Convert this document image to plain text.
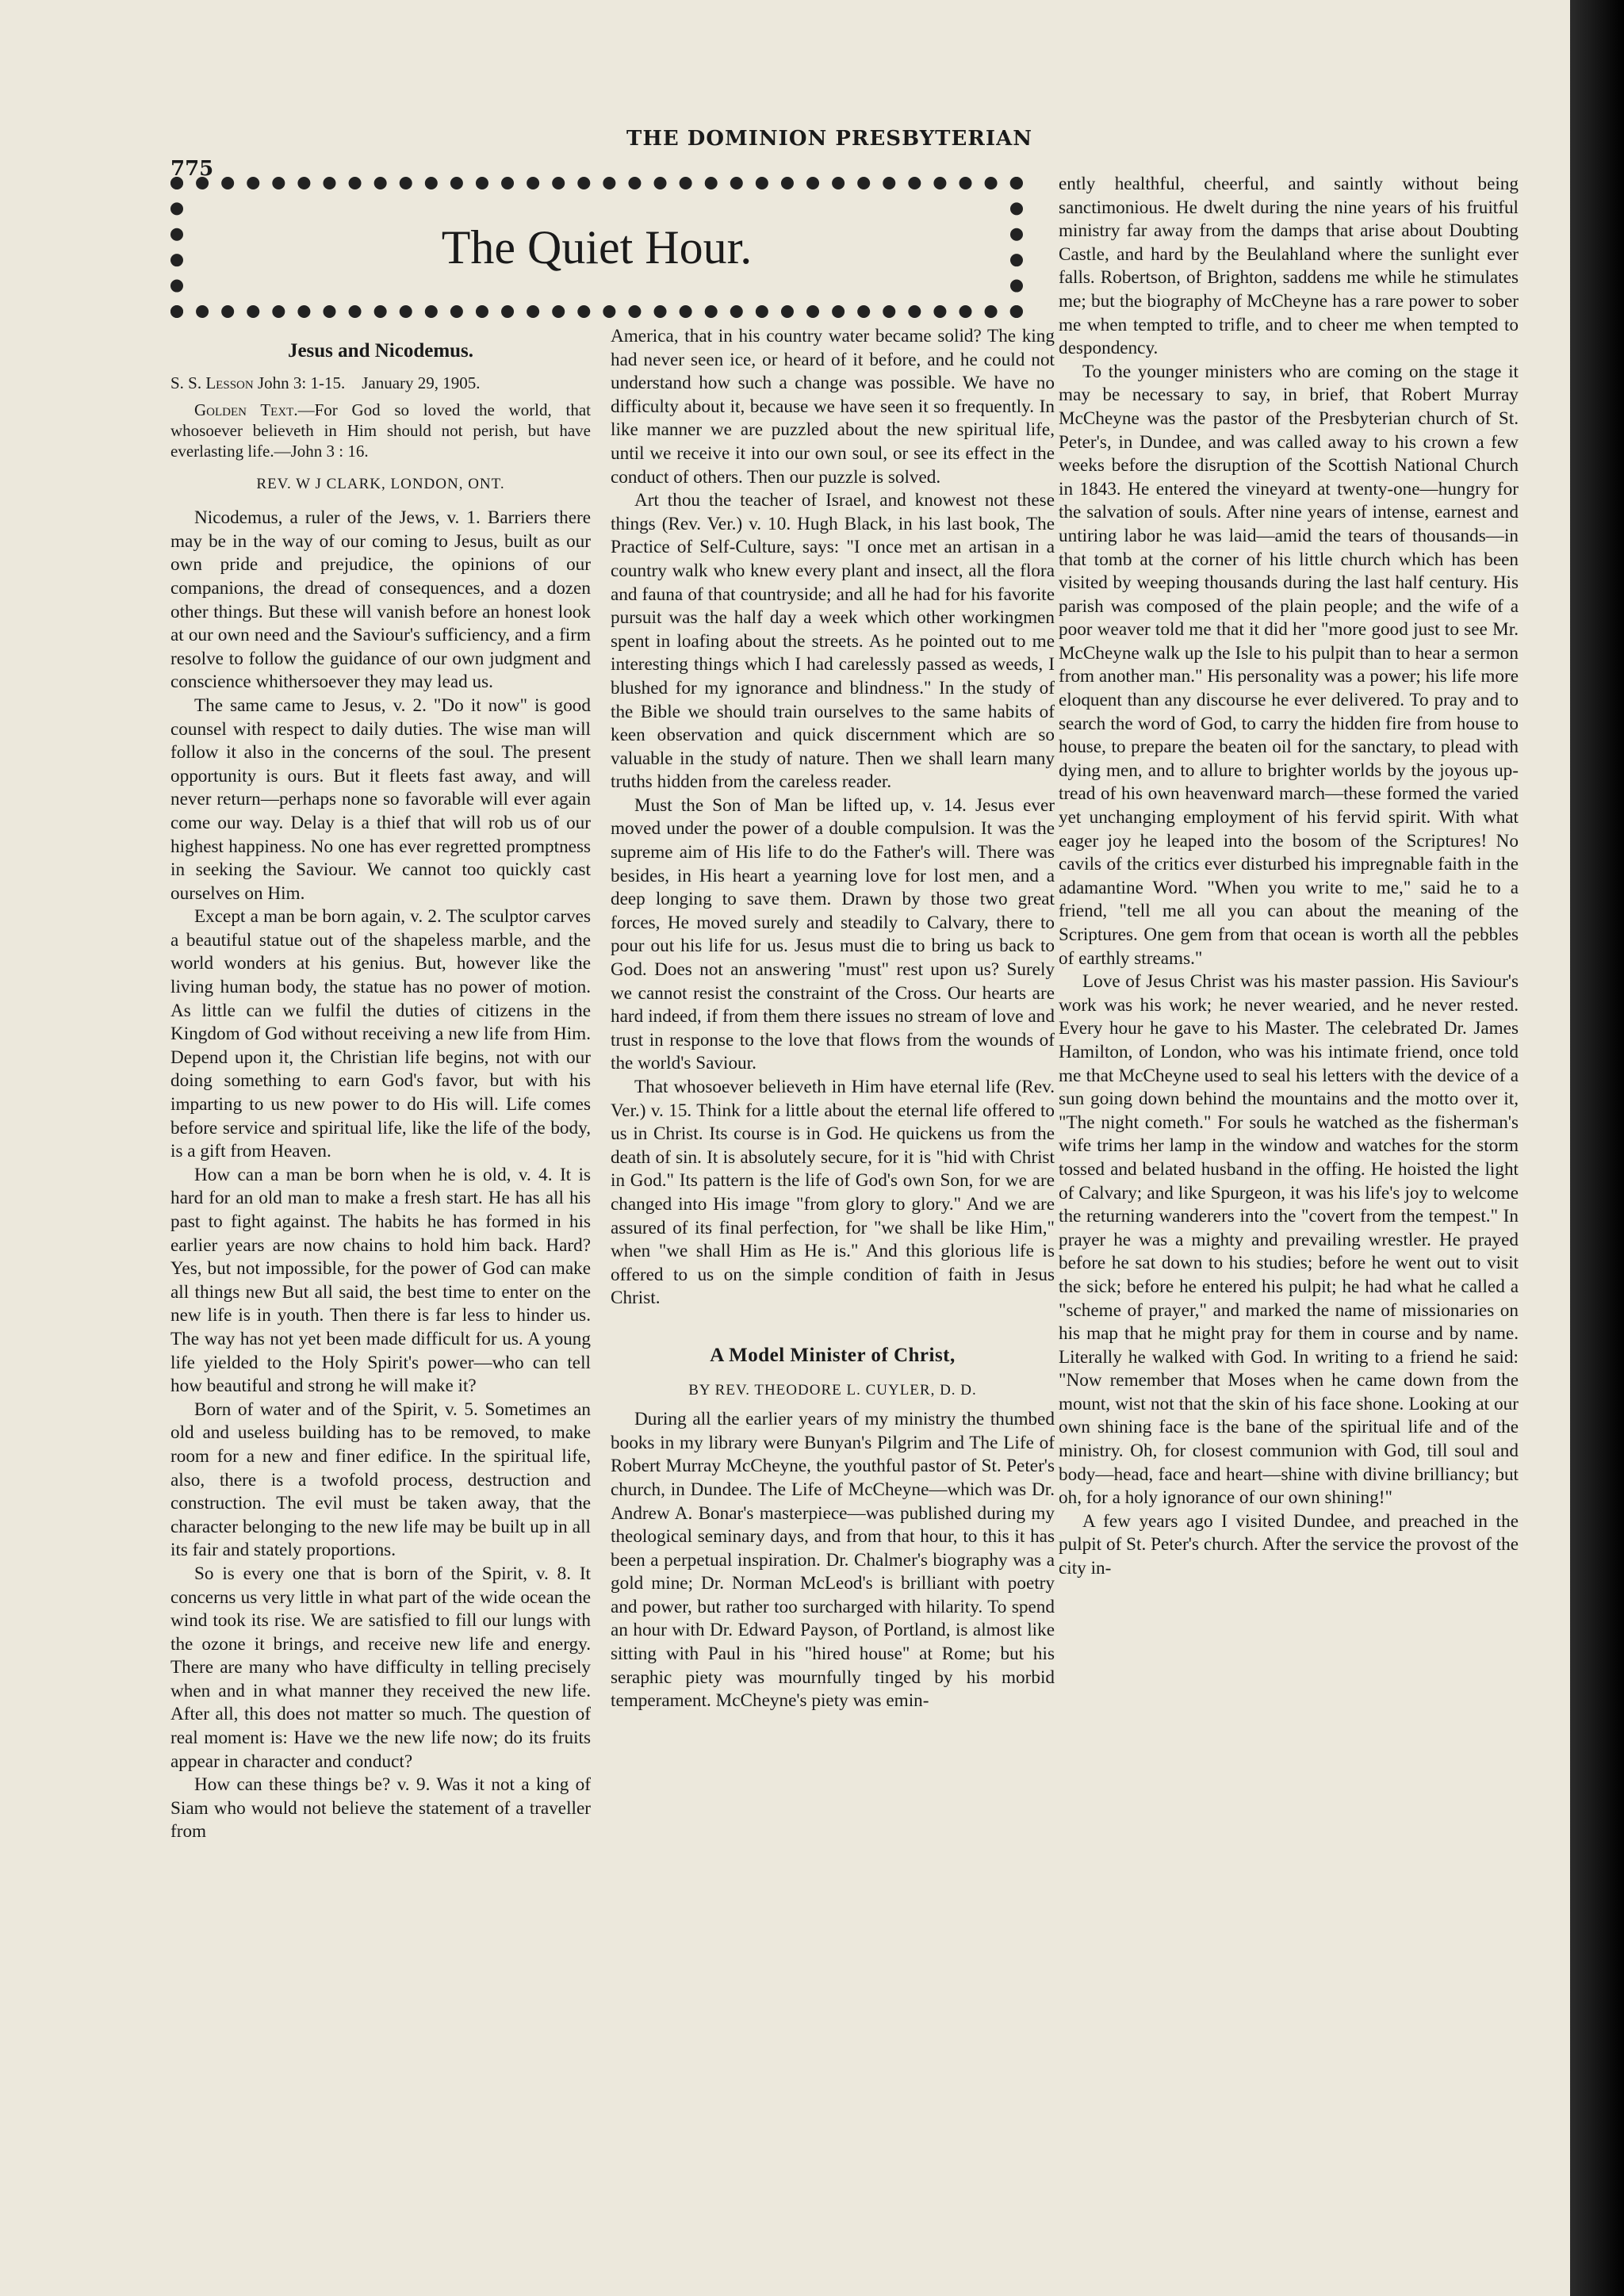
THE DOMINION PRESBYTERIAN
775
The Quiet Hour.
Jesus and Nicodemus.
S. S. Lesson John 3: 1-15. January 29, 1905.
Golden Text.—For God so loved the world, that whosoever believeth in Him should not perish, but have everlasting life.—John 3 : 16.
REV. W J CLARK, LONDON, ONT.

Nicodemus, a ruler of the Jews, v. 1. Barriers there may be in the way of our coming to Jesus, built as our own pride and prejudice, the opinions of our companions, the dread of consequences, and a dozen other things. But these will vanish before an honest look at our own need and the Saviour's sufficiency, and a firm resolve to follow the guidance of our own judgment and conscience whithersoever they may lead us.

The same came to Jesus, v. 2. "Do it now" is good counsel with respect to daily duties. The wise man will follow it also in the concerns of the soul. The present opportunity is ours. But it fleets fast away, and will never return—perhaps none so favorable will ever again come our way. Delay is a thief that will rob us of our highest happiness. No one has ever regretted promptness in seeking the Saviour. We cannot too quickly cast ourselves on Him.

Except a man be born again, v. 2. The sculptor carves a beautiful statue out of the shapeless marble, and the world wonders at his genius. But, however like the living human body, the statue has no power of motion. As little can we fulfil the duties of citizens in the Kingdom of God without receiving a new life from Him. Depend upon it, the Christian life begins, not with our doing something to earn God's favor, but with his imparting to us new power to do His will. Life comes before service and spiritual life, like the life of the body, is a gift from Heaven.

How can a man be born when he is old, v. 4. It is hard for an old man to make a fresh start. He has all his past to fight against. The habits he has formed in his earlier years are now chains to hold him back. Hard? Yes, but not impossible, for the power of God can make all things new But all said, the best time to enter on the new life is in youth. Then there is far less to hinder us. The way has not yet been made difficult for us. A young life yielded to the Holy Spirit's power—who can tell how beautiful and strong he will make it?

Born of water and of the Spirit, v. 5. Sometimes an old and useless building has to be removed, to make room for a new and finer edifice. In the spiritual life, also, there is a twofold process, destruction and construction. The evil must be taken away, that the character belonging to the new life may be built up in all its fair and stately proportions.

So is every one that is born of the Spirit, v. 8. It concerns us very little in what part of the wide ocean the wind took its rise. We are satisfied to fill our lungs with the ozone it brings, and receive new life and energy. There are many who have difficulty in telling precisely when and in what manner they received the new life. After all, this does not matter so much. The question of real moment is: Have we the new life now; do its fruits appear in character and conduct?

How can these things be? v. 9. Was it not a king of Siam who would not believe the statement of a traveller from

America, that in his country water became solid? The king had never seen ice, or heard of it before, and he could not understand how such a change was possible. We have no difficulty about it, because we have seen it so frequently. In like manner we are puzzled about the new spiritual life, until we receive it into our own soul, or see its effect in the conduct of others. Then our puzzle is solved.

Art thou the teacher of Israel, and knowest not these things (Rev. Ver.) v. 10. Hugh Black, in his last book, The Practice of Self-Culture, says: "I once met an artisan in a country walk who knew every plant and insect, all the flora and fauna of that countryside; and all he had for his favorite pursuit was the half day a week which other workingmen spent in loafing about the streets. As he pointed out to me interesting things which I had carelessly passed as weeds, I blushed for my ignorance and blindness." In the study of the Bible we should train ourselves to the same habits of keen observation and quick discernment which are so valuable in the study of nature. Then we shall learn many truths hidden from the careless reader.

Must the Son of Man be lifted up, v. 14. Jesus ever moved under the power of a double compulsion. It was the supreme aim of His life to do the Father's will. There was besides, in His heart a yearning love for lost men, and a deep longing to save them. Drawn by those two great forces, He moved surely and steadily to Calvary, there to pour out his life for us. Jesus must die to bring us back to God. Does not an answering "must" rest upon us? Surely we cannot resist the constraint of the Cross. Our hearts are hard indeed, if from them there issues no stream of love and trust in response to the love that flows from the wounds of the world's Saviour.

That whosoever believeth in Him have eternal life (Rev. Ver.) v. 15. Think for a little about the eternal life offered to us in Christ. Its course is in God. He quickens us from the death of sin. It is absolutely secure, for it is "hid with Christ in God." Its pattern is the life of God's own Son, for we are changed into His image "from glory to glory." And we are assured of its final perfection, for "we shall be like Him," when "we shall Him as He is." And this glorious life is offered to us on the simple condition of faith in Jesus Christ.

A Model Minister of Christ,
BY REV. THEODORE L. CUYLER, D. D.

During all the earlier years of my ministry the thumbed books in my library were Bunyan's Pilgrim and The Life of Robert Murray McCheyne, the youthful pastor of St. Peter's church, in Dundee. The Life of McCheyne—which was Dr. Andrew A. Bonar's masterpiece—was published during my theological seminary days, and from that hour, to this it has been a perpetual inspiration. Dr. Chalmer's biography was a gold mine; Dr. Norman McLeod's is brilliant with poetry and power, but rather too surcharged with hilarity. To spend an hour with Dr. Edward Payson, of Portland, is almost like sitting with Paul in his "hired house" at Rome; but his seraphic piety was mournfully tinged by his morbid temperament. McCheyne's piety was emin-

ently healthful, cheerful, and saintly without being sanctimonious. He dwelt during the nine years of his fruitful ministry far away from the damps that arise about Doubting Castle, and hard by the Beulahland where the sunlight ever falls. Robertson, of Brighton, saddens me while he stimulates me; but the biography of McCheyne has a rare power to sober me when tempted to trifle, and to cheer me when tempted to despondency.

To the younger ministers who are coming on the stage it may be necessary to say, in brief, that Robert Murray McCheyne was the pastor of the Presbyterian church of St. Peter's, in Dundee, and was called away to his crown a few weeks before the disruption of the Scottish National Church in 1843. He entered the vineyard at twenty-one—hungry for the salvation of souls. After nine years of intense, earnest and untiring labor he was laid—amid the tears of thousands—in that tomb at the corner of his little church which has been visited by weeping thousands during the last half century. His parish was composed of the plain people; and the wife of a poor weaver told me that it did her "more good just to see Mr. McCheyne walk up the Isle to his pulpit than to hear a sermon from another man." His personality was a power; his life more eloquent than any discourse he ever delivered. To pray and to search the word of God, to carry the hidden fire from house to house, to prepare the beaten oil for the sanctary, to plead with dying men, and to allure to brighter worlds by the joyous up-tread of his own heavenward march—these formed the varied yet unchanging employment of his fervid spirit. With what eager joy he leaped into the bosom of the Scriptures! No cavils of the critics ever disturbed his impregnable faith in the adamantine Word. "When you write to me," said he to a friend, "tell me all you can about the meaning of the Scriptures. One gem from that ocean is worth all the pebbles of earthly streams."

Love of Jesus Christ was his master passion. His Saviour's work was his work; he never wearied, and he never rested. Every hour he gave to his Master. The celebrated Dr. James Hamilton, of London, who was his intimate friend, once told me that McCheyne used to seal his letters with the device of a sun going down behind the mountains and the motto over it, "The night cometh." For souls he watched as the fisherman's wife trims her lamp in the window and watches for the storm tossed and belated husband in the offing. He hoisted the light of Calvary; and like Spurgeon, it was his life's joy to welcome the returning wanderers into the "covert from the tempest." In prayer he was a mighty and prevailing wrestler. He prayed before he sat down to his studies; before he went out to visit the sick; before he entered his pulpit; he had what he called a "scheme of prayer," and marked the name of missionaries on his map that he might pray for them in course and by name. Literally he walked with God. In writing to a friend he said: "Now remember that Moses when he came down from the mount, wist not that the skin of his face shone. Looking at our own shining face is the bane of the spiritual life and of the ministry. Oh, for closest communion with God, till soul and body—head, face and heart—shine with divine brilliancy; but oh, for a holy ignorance of our own shining!"

A few years ago I visited Dundee, and preached in the pulpit of St. Peter's church. After the service the provost of the city in-
